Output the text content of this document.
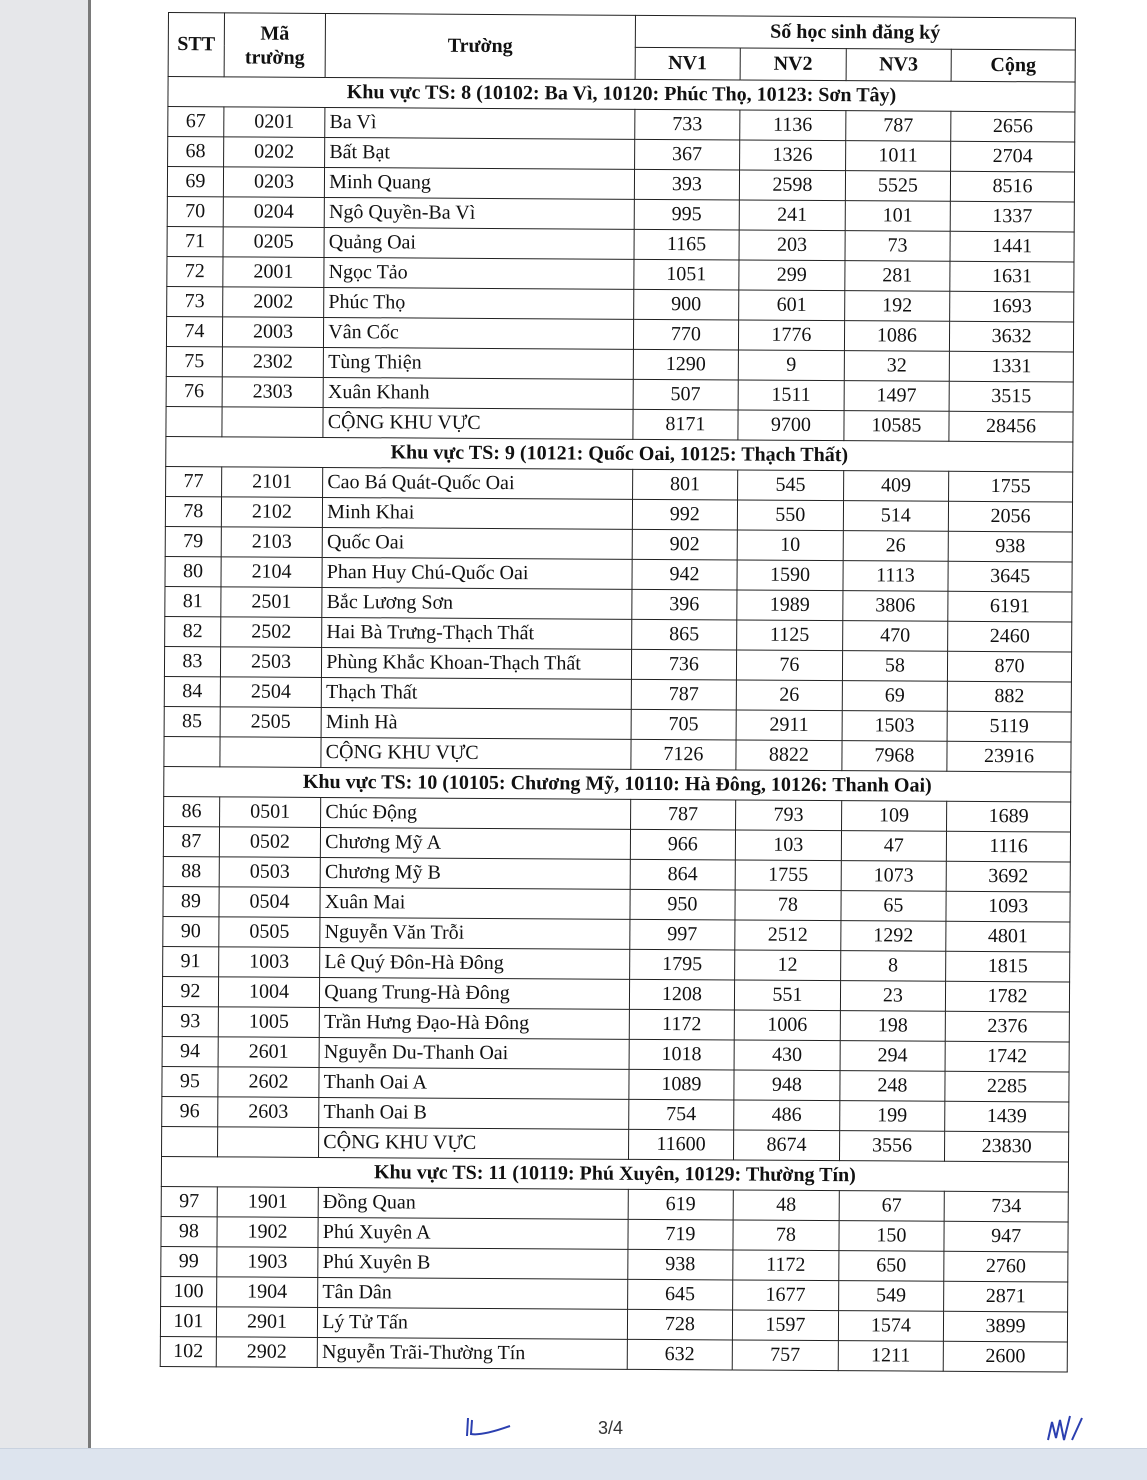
STT	Mã trường	Trường	Số học sinh đăng ký			
			NV1	NV2	NV3	Cộng
Khu vực TS: 8 (10102: Ba Vì, 10120: Phúc Thọ, 10123: Sơn Tây)						
67	0201	Ba Vì	733	1136	787	2656
68	0202	Bất Bạt	367	1326	1011	2704
69	0203	Minh Quang	393	2598	5525	8516
70	0204	Ngô Quyền-Ba Vì	995	241	101	1337
71	0205	Quảng Oai	1165	203	73	1441
72	2001	Ngọc Tảo	1051	299	281	1631
73	2002	Phúc Thọ	900	601	192	1693
74	2003	Vân Cốc	770	1776	1086	3632
75	2302	Tùng Thiện	1290	9	32	1331
76	2303	Xuân Khanh	507	1511	1497	3515
		CỘNG KHU VỰC	8171	9700	10585	28456
Khu vực TS: 9 (10121: Quốc Oai, 10125: Thạch Thất)						
77	2101	Cao Bá Quát-Quốc Oai	801	545	409	1755
78	2102	Minh Khai	992	550	514	2056
79	2103	Quốc Oai	902	10	26	938
80	2104	Phan Huy Chú-Quốc Oai	942	1590	1113	3645
81	2501	Bắc Lương Sơn	396	1989	3806	6191
82	2502	Hai Bà Trưng-Thạch Thất	865	1125	470	2460
83	2503	Phùng Khắc Khoan-Thạch Thất	736	76	58	870
84	2504	Thạch Thất	787	26	69	882
85	2505	Minh Hà	705	2911	1503	5119
		CỘNG KHU VỰC	7126	8822	7968	23916
Khu vực TS: 10 (10105: Chương Mỹ, 10110: Hà Đông, 10126: Thanh Oai)						
86	0501	Chúc Động	787	793	109	1689
87	0502	Chương Mỹ A	966	103	47	1116
88	0503	Chương Mỹ B	864	1755	1073	3692
89	0504	Xuân Mai	950	78	65	1093
90	0505	Nguyễn Văn Trỗi	997	2512	1292	4801
91	1003	Lê Quý Đôn-Hà Đông	1795	12	8	1815
92	1004	Quang Trung-Hà Đông	1208	551	23	1782
93	1005	Trần Hưng Đạo-Hà Đông	1172	1006	198	2376
94	2601	Nguyễn Du-Thanh Oai	1018	430	294	1742
95	2602	Thanh Oai A	1089	948	248	2285
96	2603	Thanh Oai B	754	486	199	1439
		CỘNG KHU VỰC	11600	8674	3556	23830
Khu vực TS: 11 (10119: Phú Xuyên, 10129: Thường Tín)						
97	1901	Đồng Quan	619	48	67	734
98	1902	Phú Xuyên A	719	78	150	947
99	1903	Phú Xuyên B	938	1172	650	2760
100	1904	Tân Dân	645	1677	549	2871
101	2901	Lý Tử Tấn	728	1597	1574	3899
102	2902	Nguyễn Trãi-Thường Tín	632	757	1211	2600
3/4
